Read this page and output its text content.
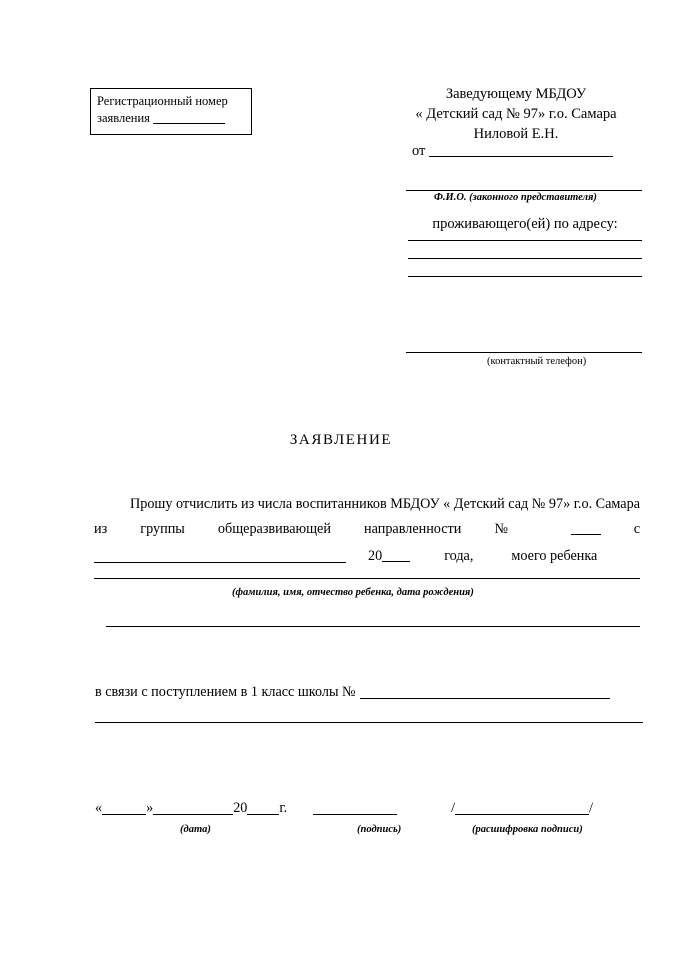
Регистрационный номер
заявления
Заведующему МБДОУ
« Детский сад № 97» г.о. Самара
Ниловой Е.Н.
от
Ф.И.О. (законного представителя)
проживающего(ей) по адресу:
(контактный телефон)
ЗАЯВЛЕНИЕ
Прошу отчислить из числа воспитанников МБДОУ « Детский сад № 97» г.о. Самара из группы общеразвивающей направленности №	с
20	года,	моего ребенка
(фамилия, имя, отчество ребенка, дата рождения)
в связи с поступлением в 1 класс школы №
«	»	20 г.	/	/
(дата)	(подпись)	(расшифровка подписи)
